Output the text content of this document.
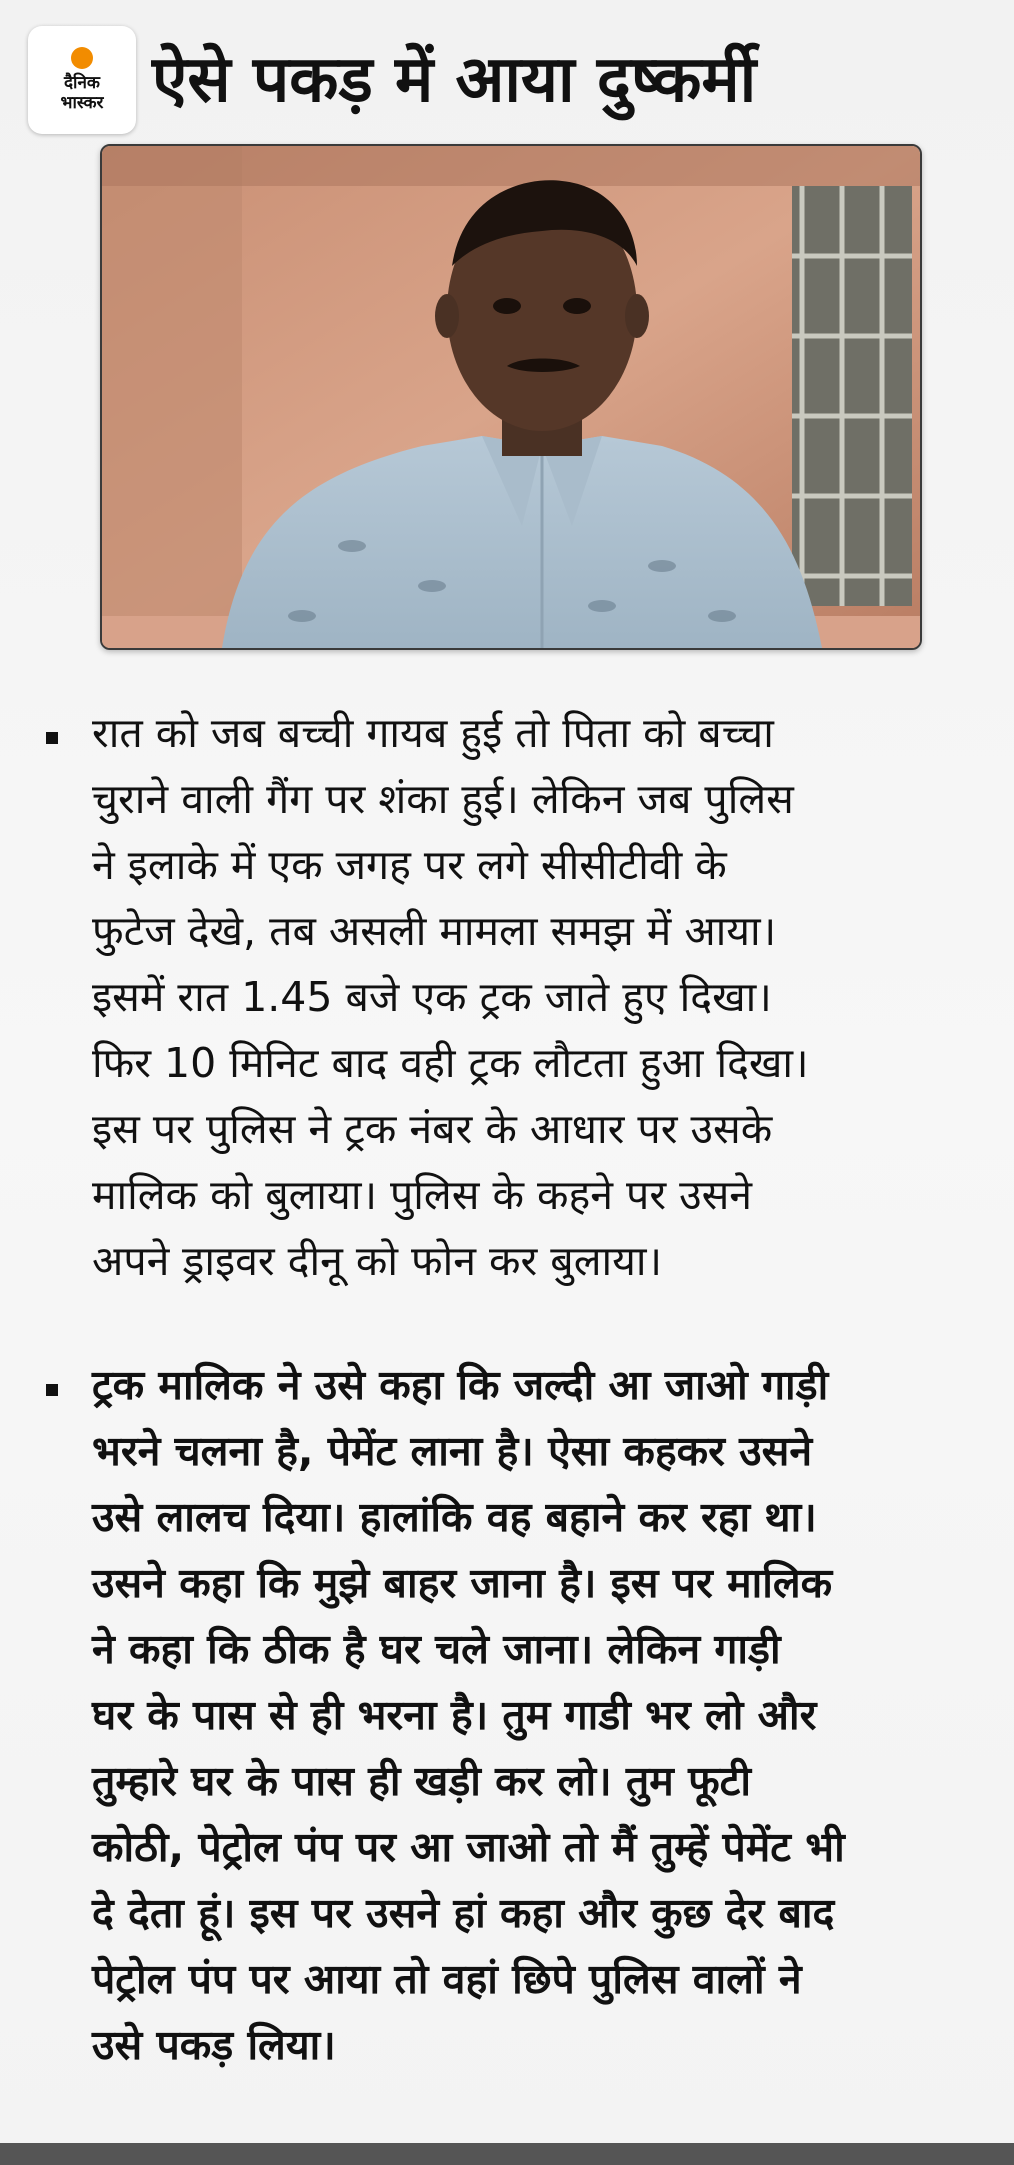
दैनिक
भास्कर ऐसे पकड़ में आया दुष्कर्मी
रात को जब बच्ची गायब हुई तो पिता को बच्चा
चुराने वाली गैंग पर शंका हुई। लेकिन जब पुलिस
ने इलाके में एक जगह पर लगे सीसीटीवी के
फुटेज देखे, तब असली मामला समझ में आया।
इसमें रात 1.45 बजे एक ट्रक जाते हुए दिखा।
फिर 10 मिनिट बाद वही ट्रक लौटता हुआ दिखा।
इस पर पुलिस ने ट्रक नंबर के आधार पर उसके
मालिक को बुलाया। पुलिस के कहने पर उसने
अपने ड्राइवर दीनू को फोन कर बुलाया।
ट्रक मालिक ने उसे कहा कि जल्दी आ जाओ गाड़ी
भरने चलना है, पेमेंट लाना है। ऐसा कहकर उसने
उसे लालच दिया। हालांकि वह बहाने कर रहा था।
उसने कहा कि मुझे बाहर जाना है। इस पर मालिक
ने कहा कि ठीक है घर चले जाना। लेकिन गाड़ी
घर के पास से ही भरना है। तुम गाडी भर लो और
तुम्हारे घर के पास ही खड़ी कर लो। तुम फूटी
कोठी, पेट्रोल पंप पर आ जाओ तो मैं तुम्हें पेमेंट भी
दे देता हूं। इस पर उसने हां कहा और कुछ देर बाद
पेट्रोल पंप पर आया तो वहां छिपे पुलिस वालों ने
उसे पकड़ लिया।
